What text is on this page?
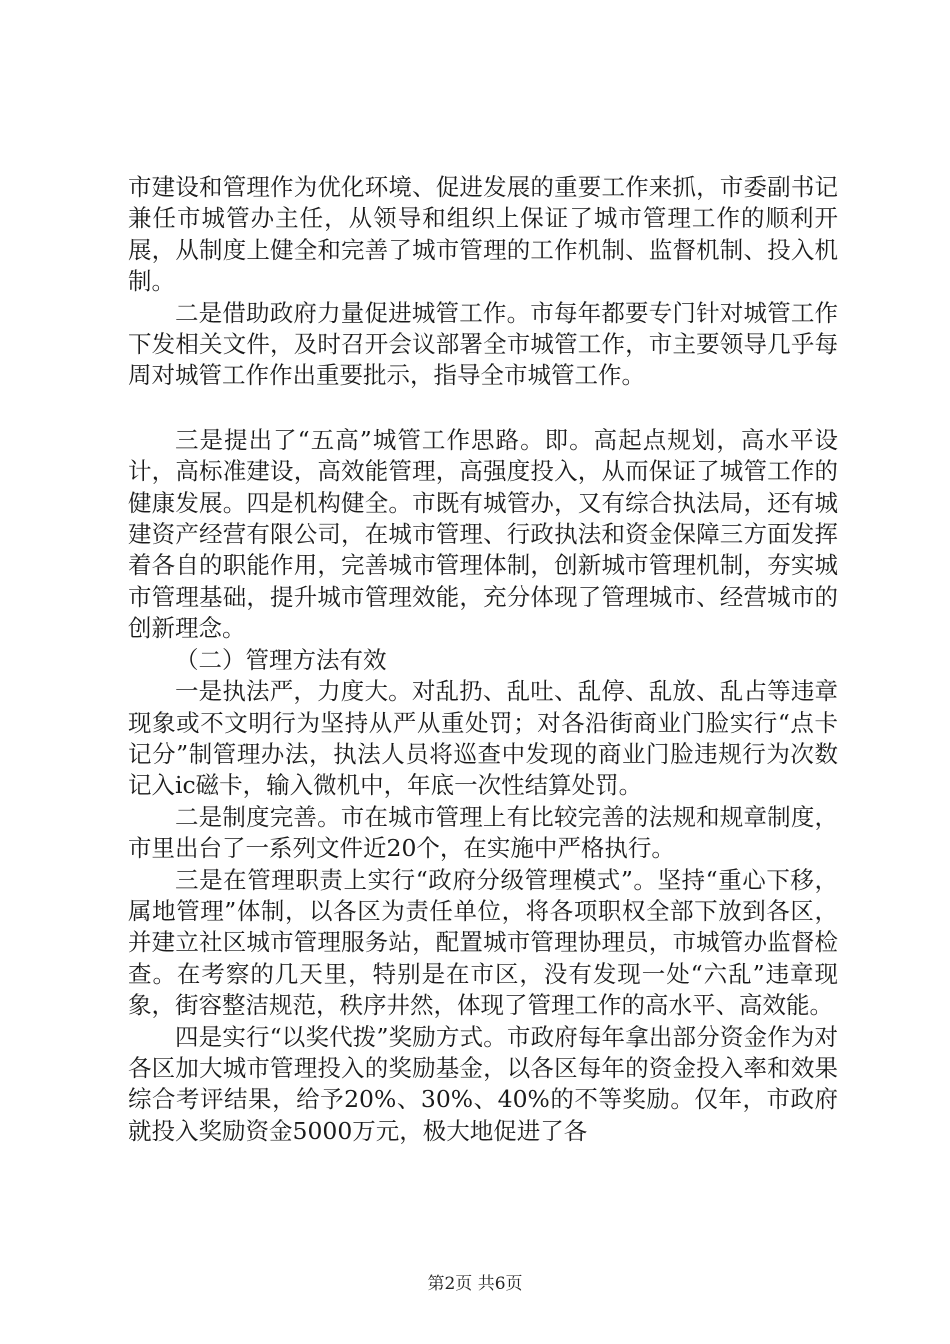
市建设和管理作为优化环境、促进发展的重要工作来抓，市委副书记兼任市城管办主任，从领导和组织上保证了城市管理工作的顺利开展，从制度上健全和完善了城市管理的工作机制、监督机制、投入机制。

二是借助政府力量促进城管工作。市每年都要专门针对城管工作下发相关文件，及时召开会议部署全市城管工作，市主要领导几乎每周对城管工作作出重要批示，指导全市城管工作。

三是提出了“五高”城管工作思路。即。高起点规划，高水平设计，高标准建设，高效能管理，高强度投入，从而保证了城管工作的健康发展。四是机构健全。市既有城管办，又有综合执法局，还有城建资产经营有限公司，在城市管理、行政执法和资金保障三方面发挥着各自的职能作用，完善城市管理体制，创新城市管理机制，夯实城市管理基础，提升城市管理效能，充分体现了管理城市、经营城市的创新理念。

（二）管理方法有效

一是执法严，力度大。对乱扔、乱吐、乱停、乱放、乱占等违章现象或不文明行为坚持从严从重处罚；对各沿街商业门脸实行“点卡记分”制管理办法，执法人员将巡查中发现的商业门脸违规行为次数记入ic磁卡，输入微机中，年底一次性结算处罚。

二是制度完善。市在城市管理上有比较完善的法规和规章制度，市里出台了一系列文件近20个，在实施中严格执行。

三是在管理职责上实行“政府分级管理模式”。坚持“重心下移，属地管理”体制，以各区为责任单位，将各项职权全部下放到各区，并建立社区城市管理服务站，配置城市管理协理员，市城管办监督检查。在考察的几天里，特别是在市区，没有发现一处“六乱”违章现象，街容整洁规范，秩序井然，体现了管理工作的高水平、高效能。

四是实行“以奖代拨”奖励方式。市政府每年拿出部分资金作为对各区加大城市管理投入的奖励基金，以各区每年的资金投入率和效果综合考评结果，给予20%、30%、40%的不等奖励。仅年，市政府就投入奖励资金5000万元，极大地促进了各

第2页 共6页
